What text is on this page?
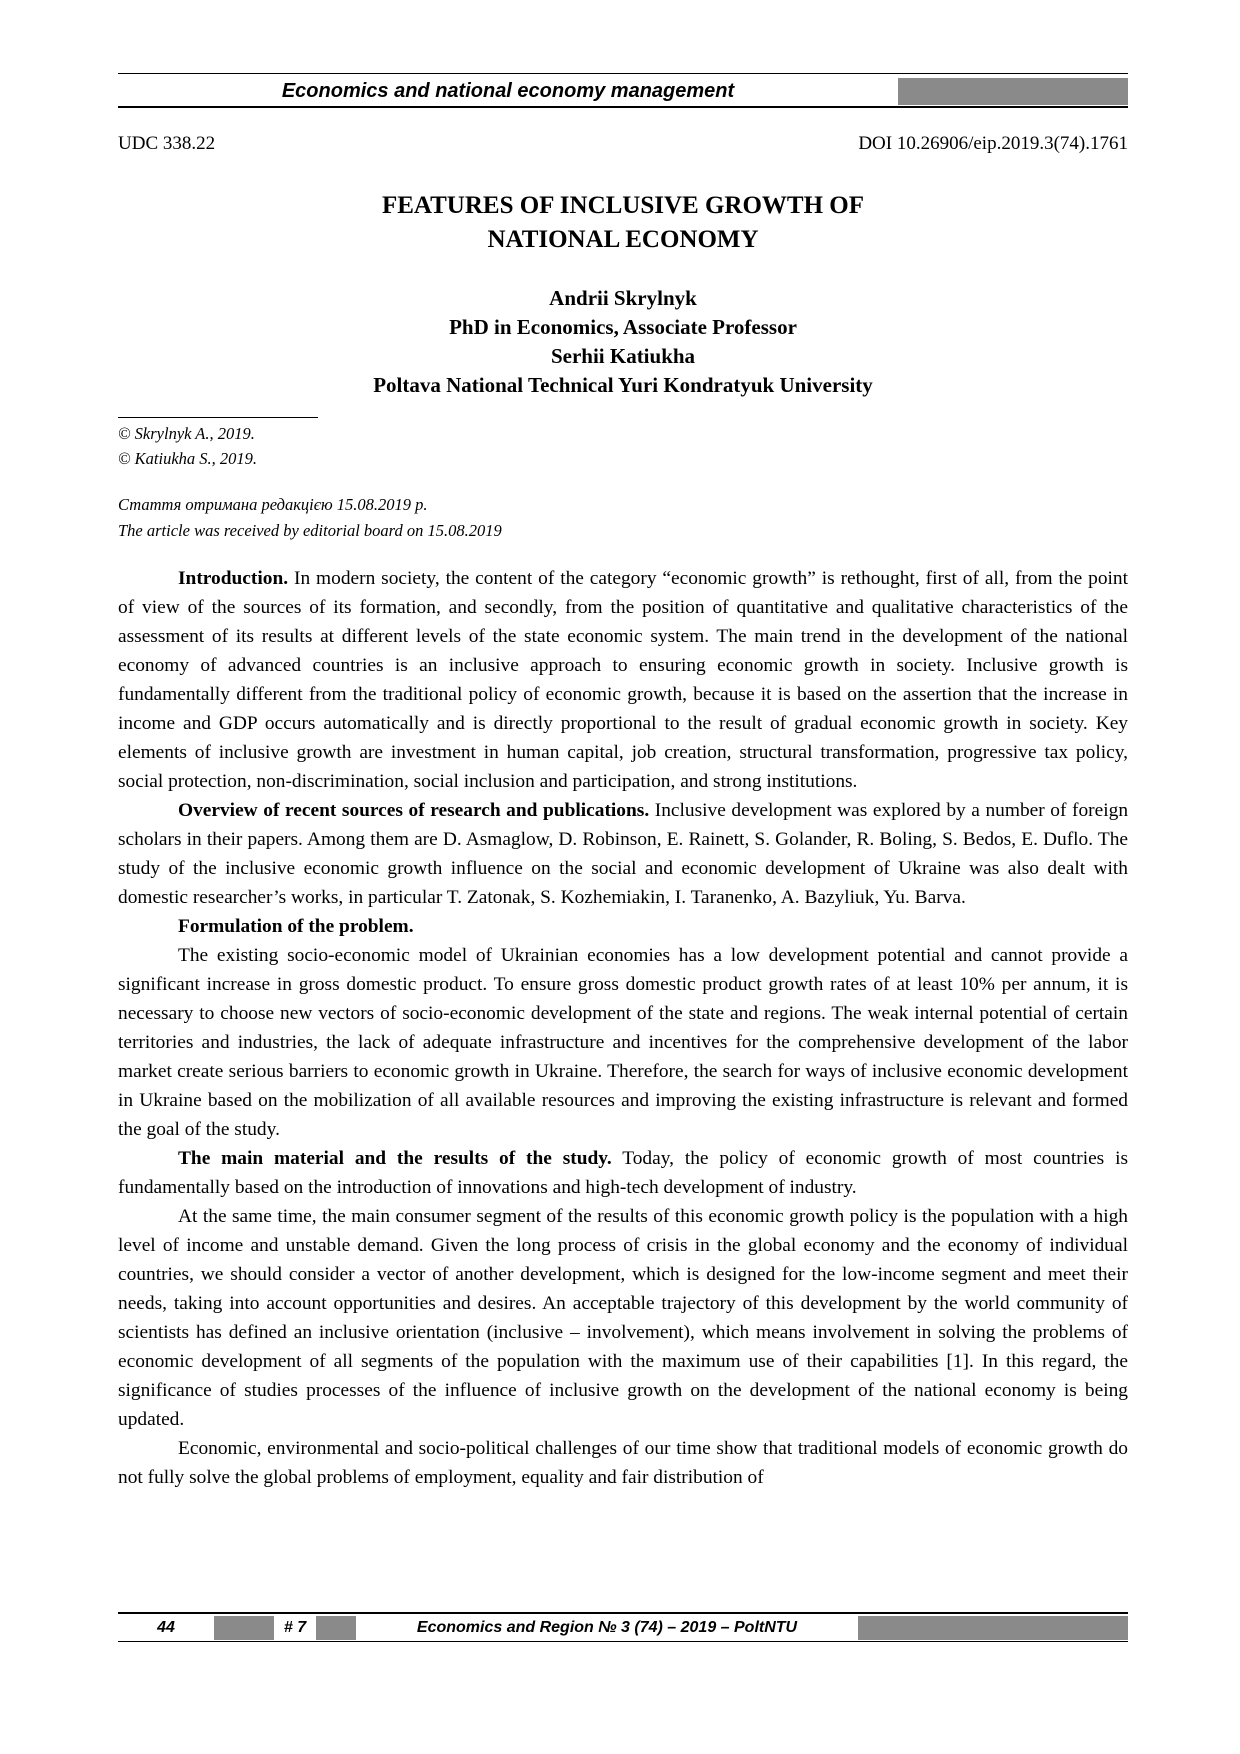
Economics and national economy management
UDC 338.22	DOI 10.26906/eip.2019.3(74).1761
FEATURES OF INCLUSIVE GROWTH OF
NATIONAL ECONOMY
Andrii Skrylnyk
PhD in Economics, Associate Professor
Serhii Katiukha
Poltava National Technical Yuri Kondratyuk University
© Skrylnyk A., 2019.
© Katiukha S., 2019.
Стаття отримана редакцією 15.08.2019 р.
The article was received by editorial board on 15.08.2019

Introduction. In modern society, the content of the category “economic growth” is rethought, first of all, from the point of view of the sources of its formation, and secondly, from the position of quantitative and qualitative characteristics of the assessment of its results at different levels of the state economic system. The main trend in the development of the national economy of advanced countries is an inclusive approach to ensuring economic growth in society. Inclusive growth is fundamentally different from the traditional policy of economic growth, because it is based on the assertion that the increase in income and GDP occurs automatically and is directly proportional to the result of gradual economic growth in society. Key elements of inclusive growth are investment in human capital, job creation, structural transformation, progressive tax policy, social protection, non-discrimination, social inclusion and participation, and strong institutions.

Overview of recent sources of research and publications. Inclusive development was explored by a number of foreign scholars in their papers. Among them are D. Asmaglow, D. Robinson, E. Rainett, S. Golander, R. Boling, S. Bedos, E. Duflo. The study of the inclusive economic growth influence on the social and economic development of Ukraine was also dealt with domestic researcher’s works, in particular T. Zatonak, S. Kozhemiakin, I. Taranenko, A. Bazyliuk, Yu. Barva.

Formulation of the problem.

The existing socio-economic model of Ukrainian economies has a low development potential and cannot provide a significant increase in gross domestic product. To ensure gross domestic product growth rates of at least 10% per annum, it is necessary to choose new vectors of socio-economic development of the state and regions. The weak internal potential of certain territories and industries, the lack of adequate infrastructure and incentives for the comprehensive development of the labor market create serious barriers to economic growth in Ukraine. Therefore, the search for ways of inclusive economic development in Ukraine based on the mobilization of all available resources and improving the existing infrastructure is relevant and formed the goal of the study.

The main material and the results of the study. Today, the policy of economic growth of most countries is fundamentally based on the introduction of innovations and high-tech development of industry.

At the same time, the main consumer segment of the results of this economic growth policy is the population with a high level of income and unstable demand. Given the long process of crisis in the global economy and the economy of individual countries, we should consider a vector of another development, which is designed for the low-income segment and meet their needs, taking into account opportunities and desires. An acceptable trajectory of this development by the world community of scientists has defined an inclusive orientation (inclusive – involvement), which means involvement in solving the problems of economic development of all segments of the population with the maximum use of their capabilities [1]. In this regard, the significance of studies processes of the influence of inclusive growth on the development of the national economy is being updated.

Economic, environmental and socio-political challenges of our time show that traditional models of economic growth do not fully solve the global problems of employment, equality and fair distribution of

44	# 7	Economics and Region № 3 (74) – 2019 – PoltNTU
